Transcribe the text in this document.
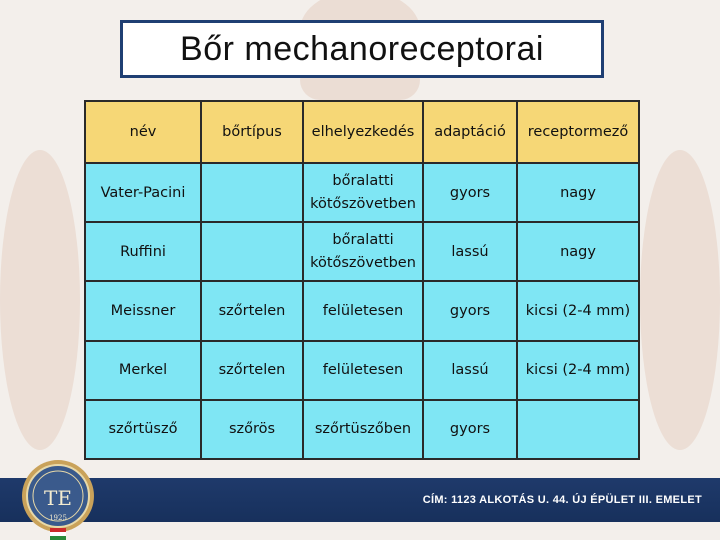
Bőr mechanoreceptorai
név	bőrtípus	elhelyezkedés	adaptáció	receptormező
Vater-Pacini		bőralatti kötőszövetben	gyors	nagy
Ruffini		bőralatti kötőszövetben	lassú	nagy
Meissner	szőrtelen	felületesen	gyors	kicsi (2-4 mm)
Merkel	szőrtelen	felületesen	lassú	kicsi (2-4 mm)
szőrtüsző	szőrös	szőrtüszőben	gyors	
CÍM: 1123 ALKOTÁS U. 44. ÚJ ÉPÜLET III. EMELET
TE
1925
